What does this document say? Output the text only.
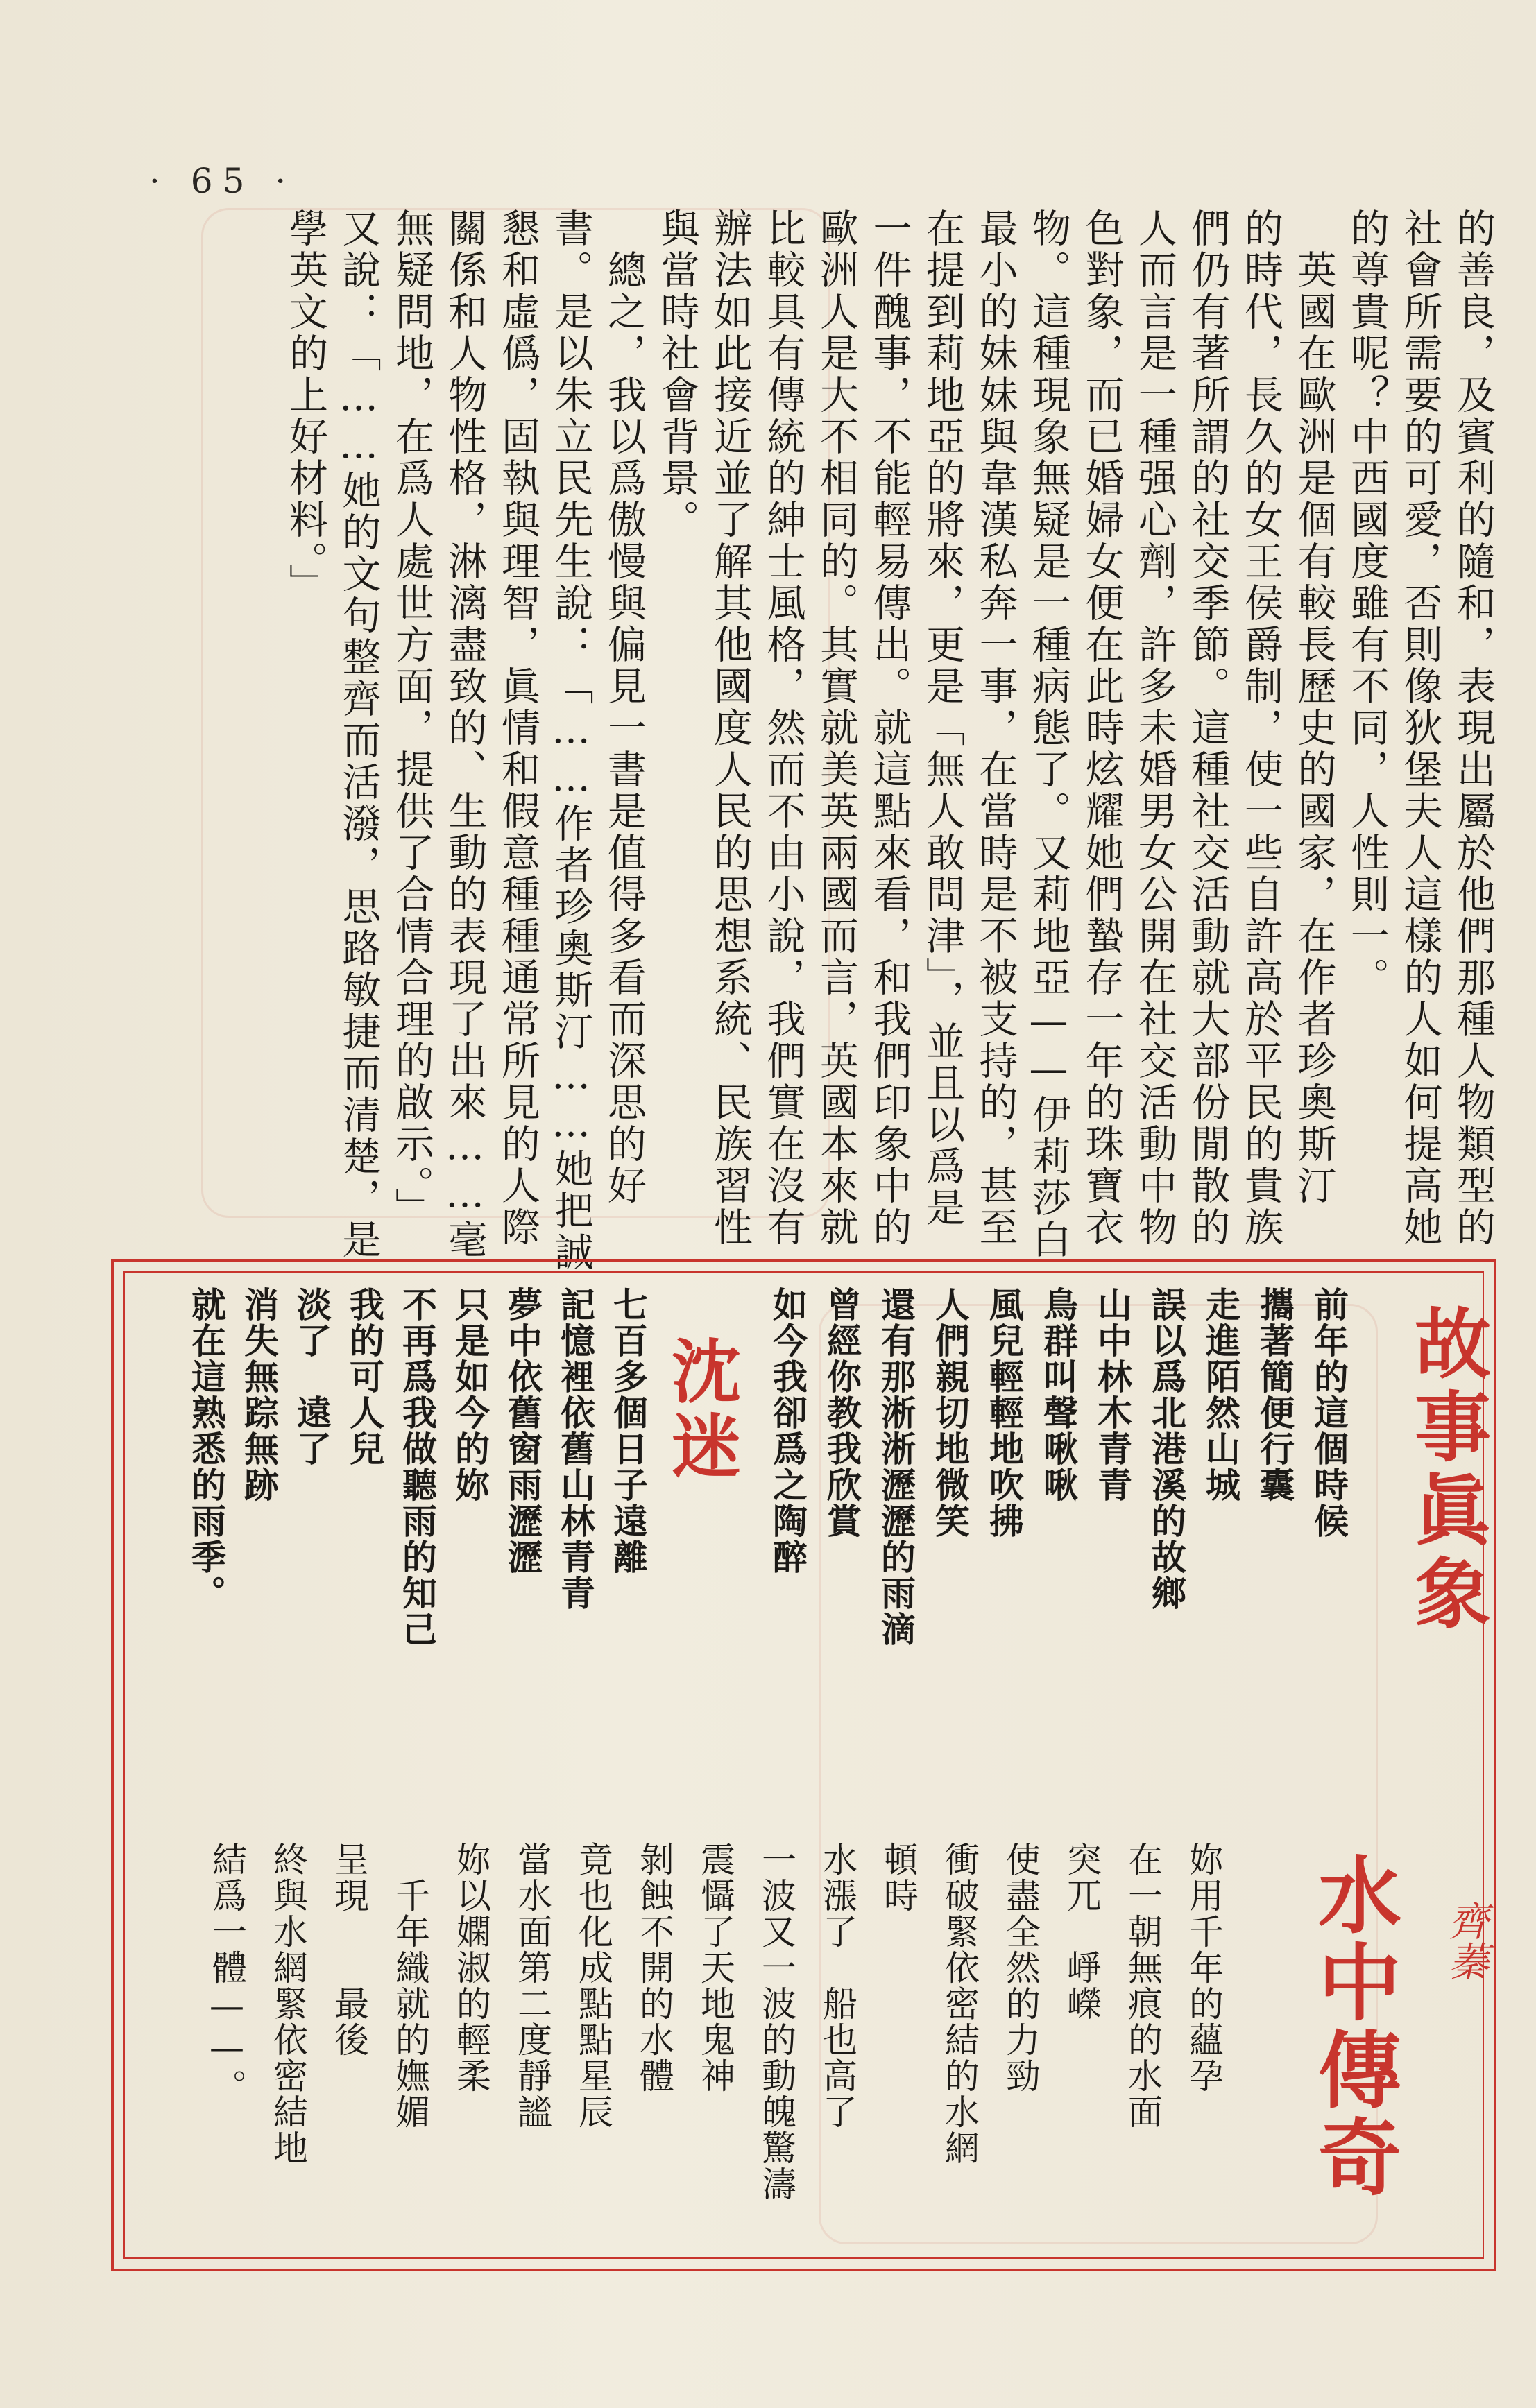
· 65 ·
的善良，及賓利的隨和，表現出屬於他們那種人物類型的
社會所需要的可愛，否則像狄堡夫人這樣的人如何提高她
的尊貴呢？中西國度雖有不同，人性則一。
　英國在歐洲是個有較長歷史的國家，在作者珍奧斯汀
的時代，長久的女王侯爵制，使一些自許高於平民的貴族
們仍有著所謂的社交季節。這種社交活動就大部份閒散的
人而言是一種强心劑，許多未婚男女公開在社交活動中物
色對象，而已婚婦女便在此時炫耀她們蟄存一年的珠寶衣
物。這種現象無疑是一種病態了。又莉地亞——伊莉莎白
最小的妹妹與韋漢私奔一事，在當時是不被支持的，甚至
在提到莉地亞的將來，更是「無人敢問津」，並且以爲是
一件醜事，不能輕易傳出。就這點來看，和我們印象中的
歐洲人是大不相同的。其實就美英兩國而言，英國本來就
比較具有傳統的紳士風格，然而不由小說，我們實在沒有
辦法如此接近並了解其他國度人民的思想系統、民族習性
與當時社會背景。
　總之，我以爲傲慢與偏見一書是值得多看而深思的好
書。是以朱立民先生說：「……作者珍奧斯汀……她把誠
懇和虛僞，固執與理智，眞情和假意種種通常所見的人際
關係和人物性格，淋漓盡致的、生動的表現了出來……毫
無疑問地，在爲人處世方面，提供了合情合理的啟示。」
又說：「……她的文句整齊而活潑，思路敏捷而清楚，是
學英文的上好材料。」
故事眞象
前年的這個時候
攜著簡便行囊
走進陌然山城
誤以爲北港溪的故鄉
山中林木青青
鳥群叫聲啾啾
風兒輕輕地吹拂
人們親切地微笑
還有那淅淅瀝瀝的雨滴
曾經你教我欣賞
如今我卻爲之陶醉
沈迷
七百多個日子遠離
記憶裡依舊山林青青
夢中依舊窗雨瀝瀝
只是如今的妳
不再爲我做聽雨的知己
我的可人兒
淡了　遠了
消失無踪無跡
就在這熟悉的雨季。
水中傳奇 齊蓁
妳用千年的蘊孕
在一朝無痕的水面
突兀　崢嶸
使盡全然的力勁
衝破緊依密結的水網
頓時
水漲了　船也高了
一波又一波的動魄驚濤
震懾了天地鬼神
剝蝕不開的水體
竟也化成點點星辰
當水面第二度靜謐
妳以嫻淑的輕柔
　千年織就的嫵媚
呈現　　最後
終與水網緊依密結地
結爲一體——。
